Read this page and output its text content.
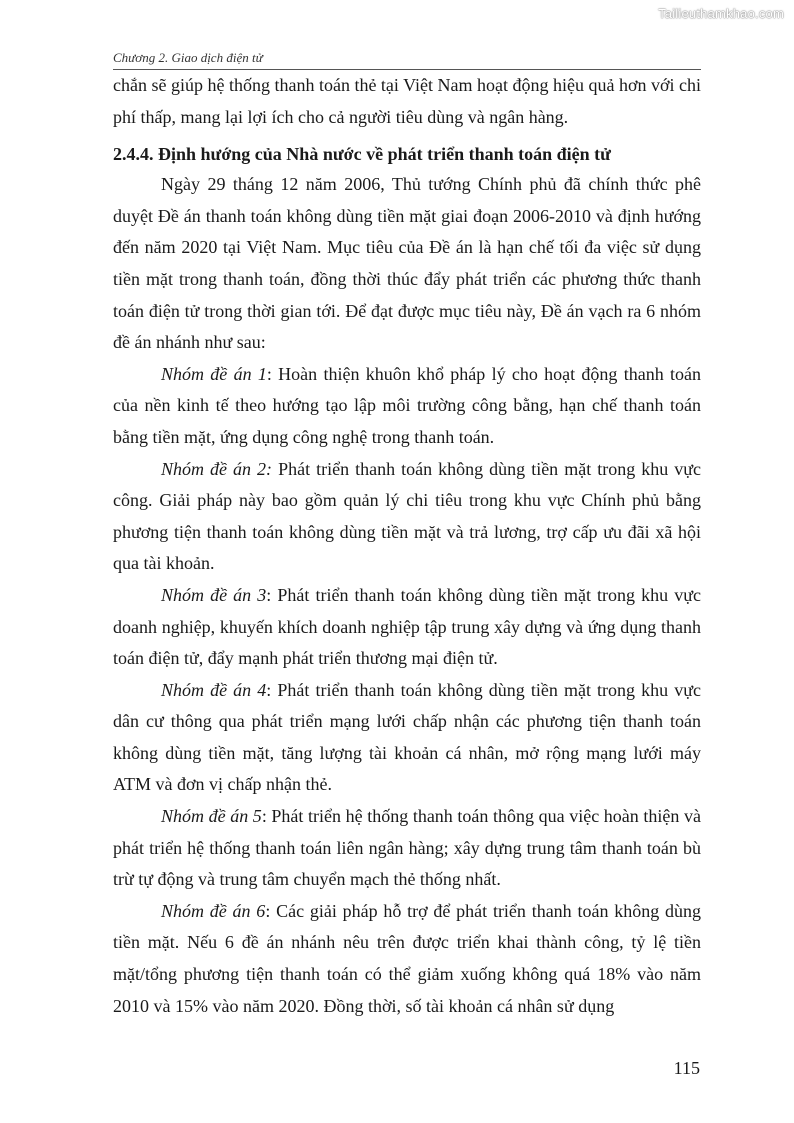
Tailieuthamkhao.com
Chương 2. Giao dịch điện tử

chắn sẽ giúp hệ thống thanh toán thẻ tại Việt Nam hoạt động hiệu quả hơn với chi phí thấp, mang lại lợi ích cho cả người tiêu dùng và ngân hàng.

2.4.4. Định hướng của Nhà nước về phát triển thanh toán điện tử

Ngày 29 tháng 12 năm 2006, Thủ tướng Chính phủ đã chính thức phê duyệt Đề án thanh toán không dùng tiền mặt giai đoạn 2006-2010 và định hướng đến năm 2020 tại Việt Nam. Mục tiêu của Đề án là hạn chế tối đa việc sử dụng tiền mặt trong thanh toán, đồng thời thúc đẩy phát triển các phương thức thanh toán điện tử trong thời gian tới. Để đạt được mục tiêu này, Đề án vạch ra 6 nhóm đề án nhánh như sau:

Nhóm đề án 1: Hoàn thiện khuôn khổ pháp lý cho hoạt động thanh toán của nền kinh tế theo hướng tạo lập môi trường công bằng, hạn chế thanh toán bằng tiền mặt, ứng dụng công nghệ trong thanh toán.

Nhóm đề án 2: Phát triển thanh toán không dùng tiền mặt trong khu vực công. Giải pháp này bao gồm quản lý chi tiêu trong khu vực Chính phủ bằng phương tiện thanh toán không dùng tiền mặt và trả lương, trợ cấp ưu đãi xã hội qua tài khoản.

Nhóm đề án 3: Phát triển thanh toán không dùng tiền mặt trong khu vực doanh nghiệp, khuyến khích doanh nghiệp tập trung xây dựng và ứng dụng thanh toán điện tử, đẩy mạnh phát triển thương mại điện tử.

Nhóm đề án 4: Phát triển thanh toán không dùng tiền mặt trong khu vực dân cư thông qua phát triển mạng lưới chấp nhận các phương tiện thanh toán không dùng tiền mặt, tăng lượng tài khoản cá nhân, mở rộng mạng lưới máy ATM và đơn vị chấp nhận thẻ.

Nhóm đề án 5: Phát triển hệ thống thanh toán thông qua việc hoàn thiện và phát triển hệ thống thanh toán liên ngân hàng; xây dựng trung tâm thanh toán bù trừ tự động và trung tâm chuyển mạch thẻ thống nhất.

Nhóm đề án 6: Các giải pháp hỗ trợ để phát triển thanh toán không dùng tiền mặt. Nếu 6 đề án nhánh nêu trên được triển khai thành công, tỷ lệ tiền mặt/tổng phương tiện thanh toán có thể giảm xuống không quá 18% vào năm 2010 và 15% vào năm 2020. Đồng thời, số tài khoản cá nhân sử dụng

115
